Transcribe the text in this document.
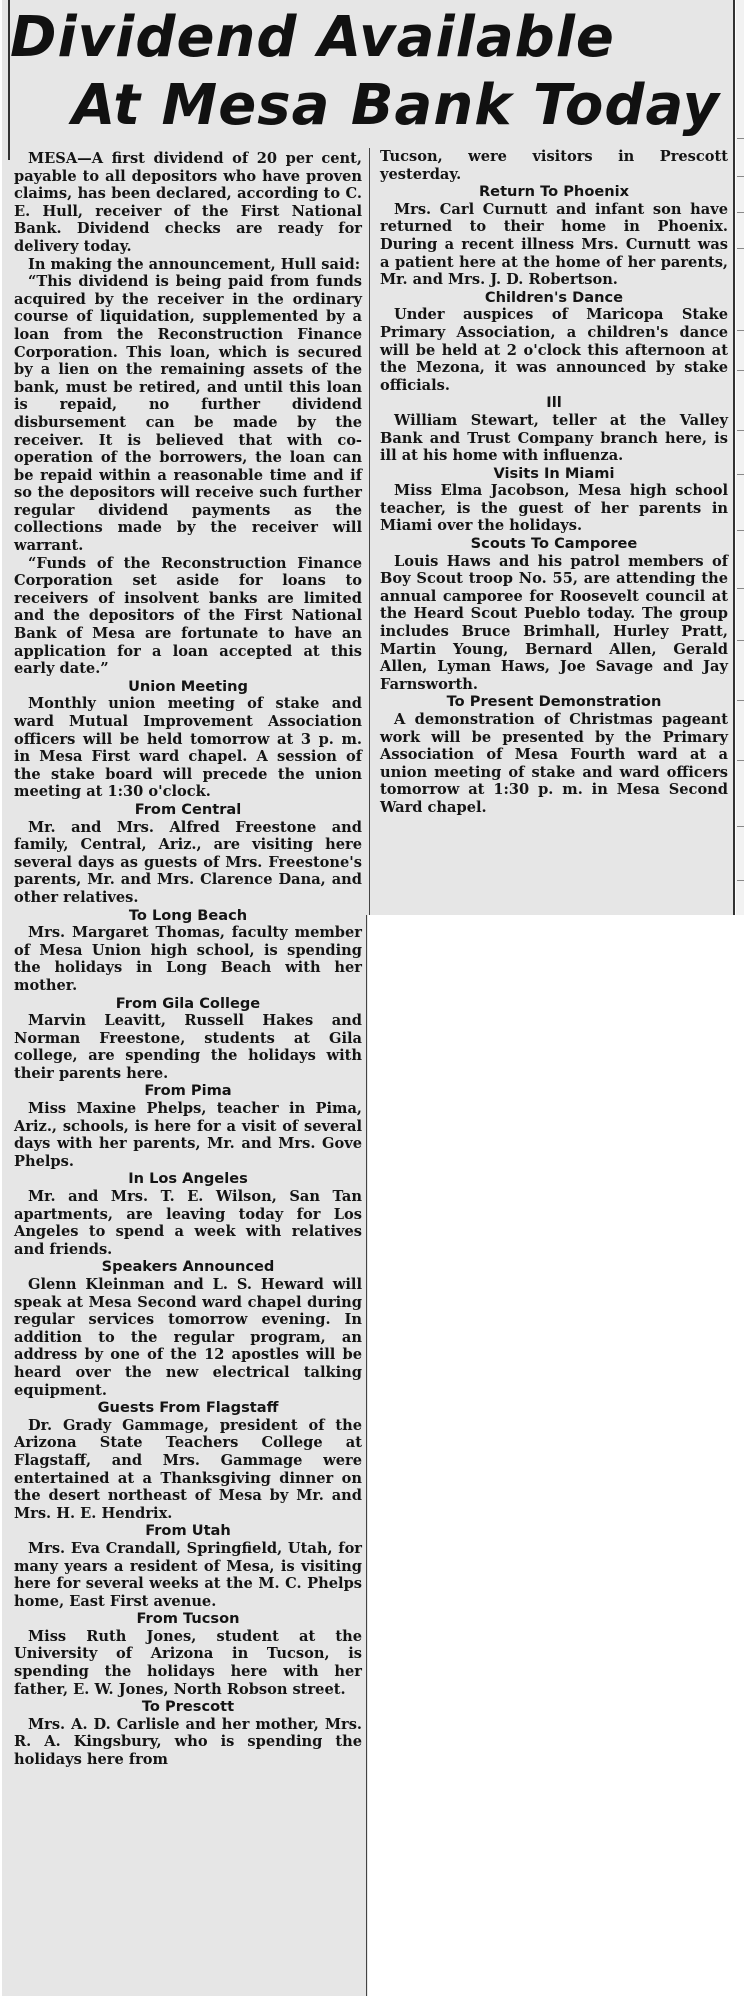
Dividend Available
At Mesa Bank Today

MESA—A first dividend of 20 per cent, payable to all depositors who have proven claims, has been declared, according to C. E. Hull, receiver of the First National Bank. Dividend checks are ready for delivery today.

In making the announcement, Hull said:

“This dividend is being paid from funds acquired by the receiver in the ordinary course of liquidation, supplemented by a loan from the Reconstruction Finance Corporation. This loan, which is secured by a lien on the remaining assets of the bank, must be retired, and until this loan is repaid, no further dividend disbursement can be made by the receiver. It is believed that with co-operation of the borrowers, the loan can be repaid within a reasonable time and if so the depositors will receive such further regular dividend payments as the collections made by the receiver will warrant.

“Funds of the Reconstruction Finance Corporation set aside for loans to receivers of insolvent banks are limited and the depositors of the First National Bank of Mesa are fortunate to have an application for a loan accepted at this early date.”

Union Meeting

Monthly union meeting of stake and ward Mutual Improvement Association officers will be held tomorrow at 3 p. m. in Mesa First ward chapel. A session of the stake board will precede the union meeting at 1:30 o'clock.

From Central

Mr. and Mrs. Alfred Freestone and family, Central, Ariz., are visiting here several days as guests of Mrs. Freestone's parents, Mr. and Mrs. Clarence Dana, and other relatives.

To Long Beach

Mrs. Margaret Thomas, faculty member of Mesa Union high school, is spending the holidays in Long Beach with her mother.

From Gila College

Marvin Leavitt, Russell Hakes and Norman Freestone, students at Gila college, are spending the holidays with their parents here.

From Pima

Miss Maxine Phelps, teacher in Pima, Ariz., schools, is here for a visit of several days with her parents, Mr. and Mrs. Gove Phelps.

In Los Angeles

Mr. and Mrs. T. E. Wilson, San Tan apartments, are leaving today for Los Angeles to spend a week with relatives and friends.

Speakers Announced

Glenn Kleinman and L. S. Heward will speak at Mesa Second ward chapel during regular services tomorrow evening. In addition to the regular program, an address by one of the 12 apostles will be heard over the new electrical talking equipment.

Guests From Flagstaff

Dr. Grady Gammage, president of the Arizona State Teachers College at Flagstaff, and Mrs. Gammage were entertained at a Thanksgiving dinner on the desert northeast of Mesa by Mr. and Mrs. H. E. Hendrix.

From Utah

Mrs. Eva Crandall, Springfield, Utah, for many years a resident of Mesa, is visiting here for several weeks at the M. C. Phelps home, East First avenue.

From Tucson

Miss Ruth Jones, student at the University of Arizona in Tucson, is spending the holidays here with her father, E. W. Jones, North Robson street.

To Prescott

Mrs. A. D. Carlisle and her mother, Mrs. R. A. Kingsbury, who is spending the holidays here from

Tucson, were visitors in Prescott yesterday.

Return To Phoenix

Mrs. Carl Curnutt and infant son have returned to their home in Phoenix. During a recent illness Mrs. Curnutt was a patient here at the home of her parents, Mr. and Mrs. J. D. Robertson.

Children's Dance

Under auspices of Maricopa Stake Primary Association, a children's dance will be held at 2 o'clock this afternoon at the Mezona, it was announced by stake officials.

Ill

William Stewart, teller at the Valley Bank and Trust Company branch here, is ill at his home with influenza.

Visits In Miami

Miss Elma Jacobson, Mesa high school teacher, is the guest of her parents in Miami over the holidays.

Scouts To Camporee

Louis Haws and his patrol members of Boy Scout troop No. 55, are attending the annual camporee for Roosevelt council at the Heard Scout Pueblo today. The group includes Bruce Brimhall, Hurley Pratt, Martin Young, Bernard Allen, Gerald Allen, Lyman Haws, Joe Savage and Jay Farnsworth.

To Present Demonstration

A demonstration of Christmas pageant work will be presented by the Primary Association of Mesa Fourth ward at a union meeting of stake and ward officers tomorrow at 1:30 p. m. in Mesa Second Ward chapel.
